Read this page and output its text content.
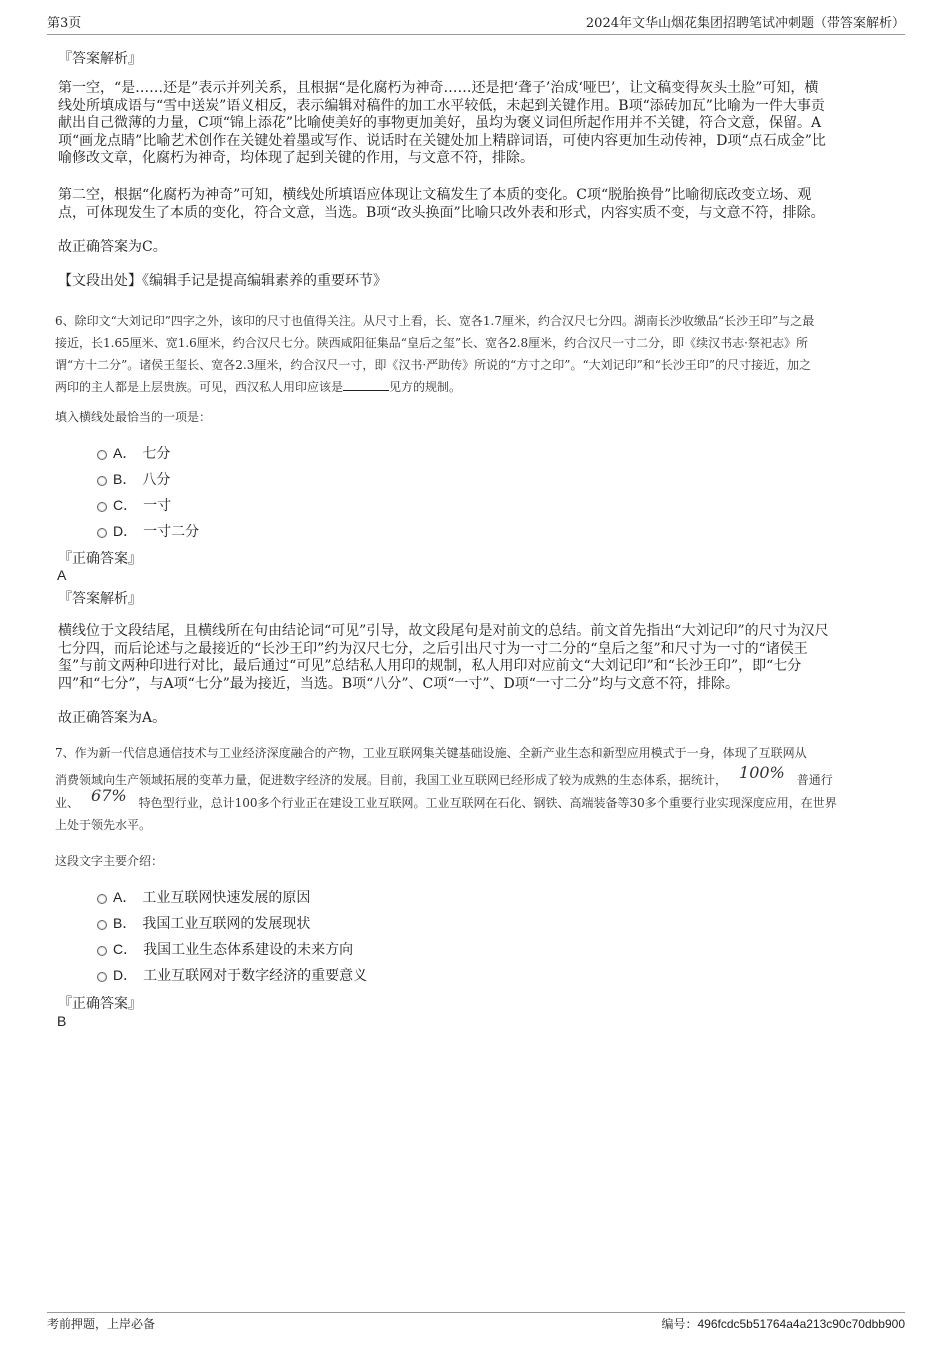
第3页	2024年文华山烟花集团招聘笔试冲刺题（带答案解析）
『答案解析』
第一空，“是……还是”表示并列关系，且根据“是化腐朽为神奇……还是把‘聋子’治成‘哑巴’，让文稿变得灰头土脸”可知，横
线处所填成语与“雪中送炭”语义相反，表示编辑对稿件的加工水平较低，未起到关键作用。B项“添砖加瓦”比喻为一件大事贡
献出自己微薄的力量，C项“锦上添花”比喻使美好的事物更加美好，虽均为褒义词但所起作用并不关键，符合文意，保留。A
项“画龙点睛”比喻艺术创作在关键处着墨或写作、说话时在关键处加上精辟词语，可使内容更加生动传神，D项“点石成金”比
喻修改文章，化腐朽为神奇，均体现了起到关键的作用，与文意不符，排除。
第二空，根据“化腐朽为神奇”可知，横线处所填语应体现让文稿发生了本质的变化。C项“脱胎换骨”比喻彻底改变立场、观
点，可体现发生了本质的变化，符合文意，当选。B项“改头换面”比喻只改外表和形式，内容实质不变，与文意不符，排除。
故正确答案为C。
【文段出处】《编辑手记是提高编辑素养的重要环节》
6、除印文“大刘记印”四字之外，该印的尺寸也值得关注。从尺寸上看，长、宽各1.7厘米，约合汉尺七分四。湖南长沙收缴品“长沙王印”与之最
接近，长1.65厘米、宽1.6厘米，约合汉尺七分。陕西咸阳征集品“皇后之玺”长、宽各2.8厘米，约合汉尺一寸二分，即《续汉书志·祭祀志》所
谓“方十二分”。诸侯王玺长、宽各2.3厘米，约合汉尺一寸，即《汉书·严助传》所说的“方寸之印”。“大刘记印”和“长沙王印”的尺寸接近，加之
两印的主人都是上层贵族。可见，西汉私人用印应该是	见方的规制。
填入横线处最恰当的一项是：
A． 七分
B． 八分
C． 一寸
D． 一寸二分
『正确答案』
A
『答案解析』
横线位于文段结尾，且横线所在句由结论词“可见”引导，故文段尾句是对前文的总结。前文首先指出“大刘记印”的尺寸为汉尺
七分四，而后论述与之最接近的“长沙王印”约为汉尺七分，之后引出尺寸为一寸二分的“皇后之玺”和尺寸为一寸的“诸侯王
玺”与前文两种印进行对比，最后通过“可见”总结私人用印的规制，私人用印对应前文“大刘记印”和“长沙王印”，即“七分
四”和“七分”，与A项“七分”最为接近，当选。B项“八分”、C项“一寸”、D项“一寸二分”均与文意不符，排除。
故正确答案为A。
7、作为新一代信息通信技术与工业经济深度融合的产物，工业互联网集关键基础设施、全新产业生态和新型应用模式于一身，体现了互联网从
消费领域向生产领域拓展的变革力量，促进数字经济的发展。目前，我国工业互联网已经形成了较为成熟的生态体系，据统计， 100% 普通行
业、 67% 特色型行业，总计100多个行业正在建设工业互联网。工业互联网在石化、钢铁、高端装备等30多个重要行业实现深度应用，在世界
上处于领先水平。
这段文字主要介绍：
A． 工业互联网快速发展的原因
B． 我国工业互联网的发展现状
C． 我国工业生态体系建设的未来方向
D． 工业互联网对于数字经济的重要意义
『正确答案』
B
考前押题，上岸必备	编号：496fcdc5b51764a4a213c90c70dbb900
